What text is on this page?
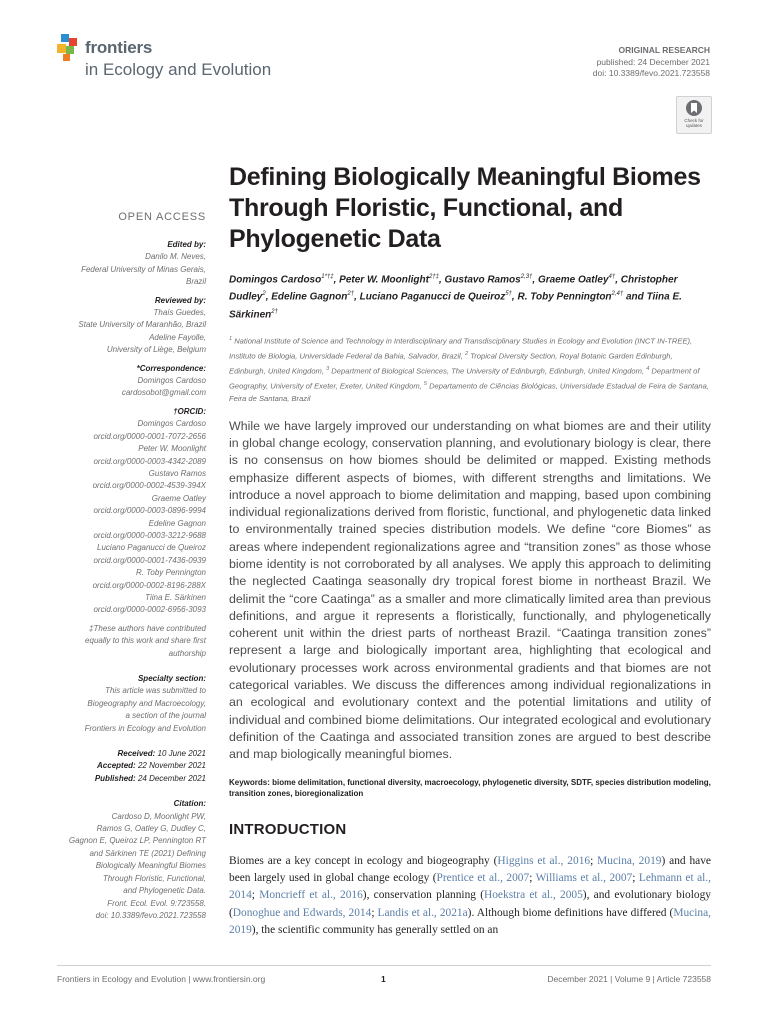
frontiers
in Ecology and Evolution
ORIGINAL RESEARCH
published: 24 December 2021
doi: 10.3389/fevo.2021.723558
Check for updates
OPEN ACCESS
Edited by:
Danilo M. Neves,
Federal University of Minas Gerais,
Brazil
Reviewed by:
Thaís Guedes,
State University of Maranhão, Brazil
Adeline Fayolle,
University of Liège, Belgium
*Correspondence:
Domingos Cardoso
cardosobot@gmail.com
†ORCID:
Domingos Cardoso
orcid.org/0000-0001-7072-2656
Peter W. Moonlight
orcid.org/0000-0003-4342-2089
Gustavo Ramos
orcid.org/0000-0002-4539-394X
Graeme Oatley
orcid.org/0000-0003-0896-9994
Edeline Gagnon
orcid.org/0000-0003-3212-9688
Luciano Paganucci de Queiroz
orcid.org/0000-0001-7436-0939
R. Toby Pennington
orcid.org/0000-0002-8196-288X
Tiina E. Särkinen
orcid.org/0000-0002-6956-3093
‡These authors have contributed
equally to this work and share first
authorship
Specialty section:
This article was submitted to
Biogeography and Macroecology,
a section of the journal
Frontiers in Ecology and Evolution
Received: 10 June 2021
Accepted: 22 November 2021
Published: 24 December 2021
Citation:
Cardoso D, Moonlight PW,
Ramos G, Oatley G, Dudley C,
Gagnon E, Queiroz LP, Pennington RT
and Särkinen TE (2021) Defining
Biologically Meaningful Biomes
Through Floristic, Functional,
and Phylogenetic Data.
Front. Ecol. Evol. 9:723558.
doi: 10.3389/fevo.2021.723558
Defining Biologically Meaningful Biomes Through Floristic, Functional, and Phylogenetic Data
Domingos Cardoso$^{1*\dagger\ddagger}$, Peter W. Moonlight$^{2\dagger\ddagger}$, Gustavo Ramos$^{2,3\dagger}$, Graeme Oatley$^{4\dagger}$, Christopher Dudley$^2$, Edeline Gagnon$^{2\dagger}$, Luciano Paganucci de Queiroz$^{5\dagger}$, R. Toby Pennington$^{2,4\dagger}$ and Tiina E. Särkinen$^{2\dagger}$
$^1$ National Institute of Science and Technology in Interdisciplinary and Transdisciplinary Studies in Ecology and Evolution (INCT IN-TREE), Instituto de Biologia, Universidade Federal da Bahia, Salvador, Brazil, $^2$ Tropical Diversity Section, Royal Botanic Garden Edinburgh, Edinburgh, United Kingdom, $^3$ Department of Biological Sciences, The University of Edinburgh, Edinburgh, United Kingdom, $^4$ Department of Geography, University of Exeter, Exeter, United Kingdom, $^5$ Departamento de Ciências Biológicas, Universidade Estadual de Feira de Santana, Feira de Santana, Brazil
While we have largely improved our understanding on what biomes are and their utility in global change ecology, conservation planning, and evolutionary biology is clear, there is no consensus on how biomes should be delimited or mapped. Existing methods emphasize different aspects of biomes, with different strengths and limitations. We introduce a novel approach to biome delimitation and mapping, based upon combining individual regionalizations derived from floristic, functional, and phylogenetic data linked to environmentally trained species distribution models. We define “core Biomes” as areas where independent regionalizations agree and “transition zones” as those whose biome identity is not corroborated by all analyses. We apply this approach to delimiting the neglected Caatinga seasonally dry tropical forest biome in northeast Brazil. We delimit the “core Caatinga” as a smaller and more climatically limited area than previous definitions, and argue it represents a floristically, functionally, and phylogenetically coherent unit within the driest parts of northeast Brazil. “Caatinga transition zones” represent a large and biologically important area, highlighting that ecological and evolutionary processes work across environmental gradients and that biomes are not categorical variables. We discuss the differences among individual regionalizations in an ecological and evolutionary context and the potential limitations and utility of individual and combined biome delimitations. Our integrated ecological and evolutionary definition of the Caatinga and associated transition zones are argued to best describe and map biologically meaningful biomes.
Keywords: biome delimitation, functional diversity, macroecology, phylogenetic diversity, SDTF, species distribution modeling, transition zones, bioregionalization
INTRODUCTION
Biomes are a key concept in ecology and biogeography (Higgins et al., 2016; Mucina, 2019) and have been largely used in global change ecology (Prentice et al., 2007; Williams et al., 2007; Lehmann et al., 2014; Moncrieff et al., 2016), conservation planning (Hoekstra et al., 2005), and evolutionary biology (Donoghue and Edwards, 2014; Landis et al., 2021a). Although biome definitions have differed (Mucina, 2019), the scientific community has generally settled on an
Frontiers in Ecology and Evolution | www.frontiersin.org	1	December 2021 | Volume 9 | Article 723558
